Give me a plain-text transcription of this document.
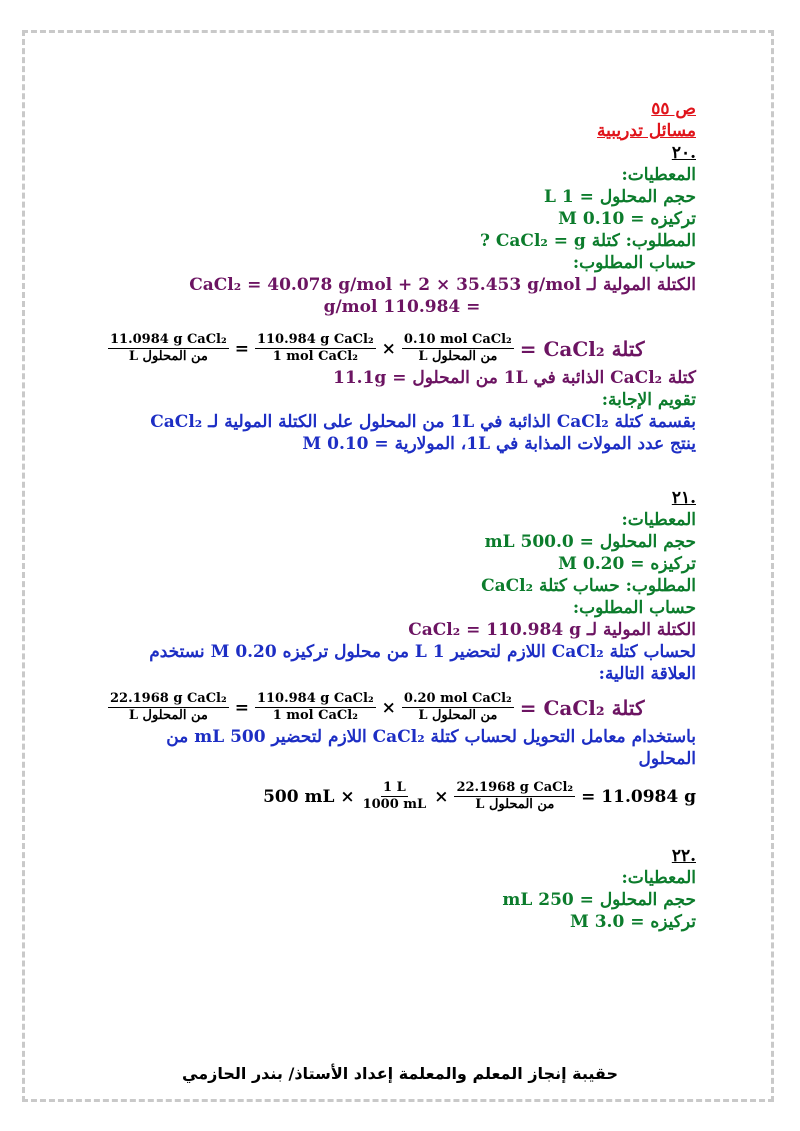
ص ٥٥
مسائل تدريبية
.٢٠
المعطيات:
حجم المحلول = 1 L
تركيزه = 0.10 M
المطلوب: كتلة CaCl₂ = g ?
حساب المطلوب:
الكتلة المولية لـ CaCl₂ = 40.078 g/mol + 2 × 35.453 g/mol
= 110.984 g/mol
$\frac{\text{11.0984 g CaCl₂}}{\text{L من المحلول}} = \frac{\text{110.984 g CaCl₂}}{\text{1 mol CaCl₂}} \times \frac{\text{0.10 mol CaCl₂}}{\text{L من المحلول}}$ كتلة CaCl₂ =
كتلة CaCl₂ الذائبة في 1L من المحلول = 11.1g
تقويم الإجابة:
بقسمة كتلة CaCl₂ الذائبة في 1L من المحلول على الكتلة المولية لـ CaCl₂
ينتج عدد المولات المذابة في 1L، المولارية = 0.10 M
.٢١
المعطيات:
حجم المحلول = 500.0 mL
تركيزه = 0.20 M
المطلوب: حساب كتلة CaCl₂
حساب المطلوب:
الكتلة المولية لـ CaCl₂ = 110.984 g
لحساب كتلة CaCl₂ اللازم لتحضير 1 L من محلول تركيزه 0.20 M نستخدم
العلاقة التالية:
$\frac{\text{22.1968 g CaCl₂}}{\text{L من المحلول}} = \frac{\text{110.984 g CaCl₂}}{\text{1 mol CaCl₂}} \times \frac{\text{0.20 mol CaCl₂}}{\text{L من المحلول}}$ كتلة CaCl₂ =
باستخدام معامل التحويل لحساب كتلة CaCl₂ اللازم لتحضير 500 mL من
المحلول
500 mL × $\frac{1 L}{1000 mL} \times \frac{\text{22.1968 g CaCl₂}}{\text{L من المحلول}} = 11.0984$ g
.٢٢
المعطيات:
حجم المحلول = 250 mL
تركيزه = 3.0 M
حقيبة إنجاز المعلم والمعلمة إعداد الأستاذ/ بندر الحازمي
